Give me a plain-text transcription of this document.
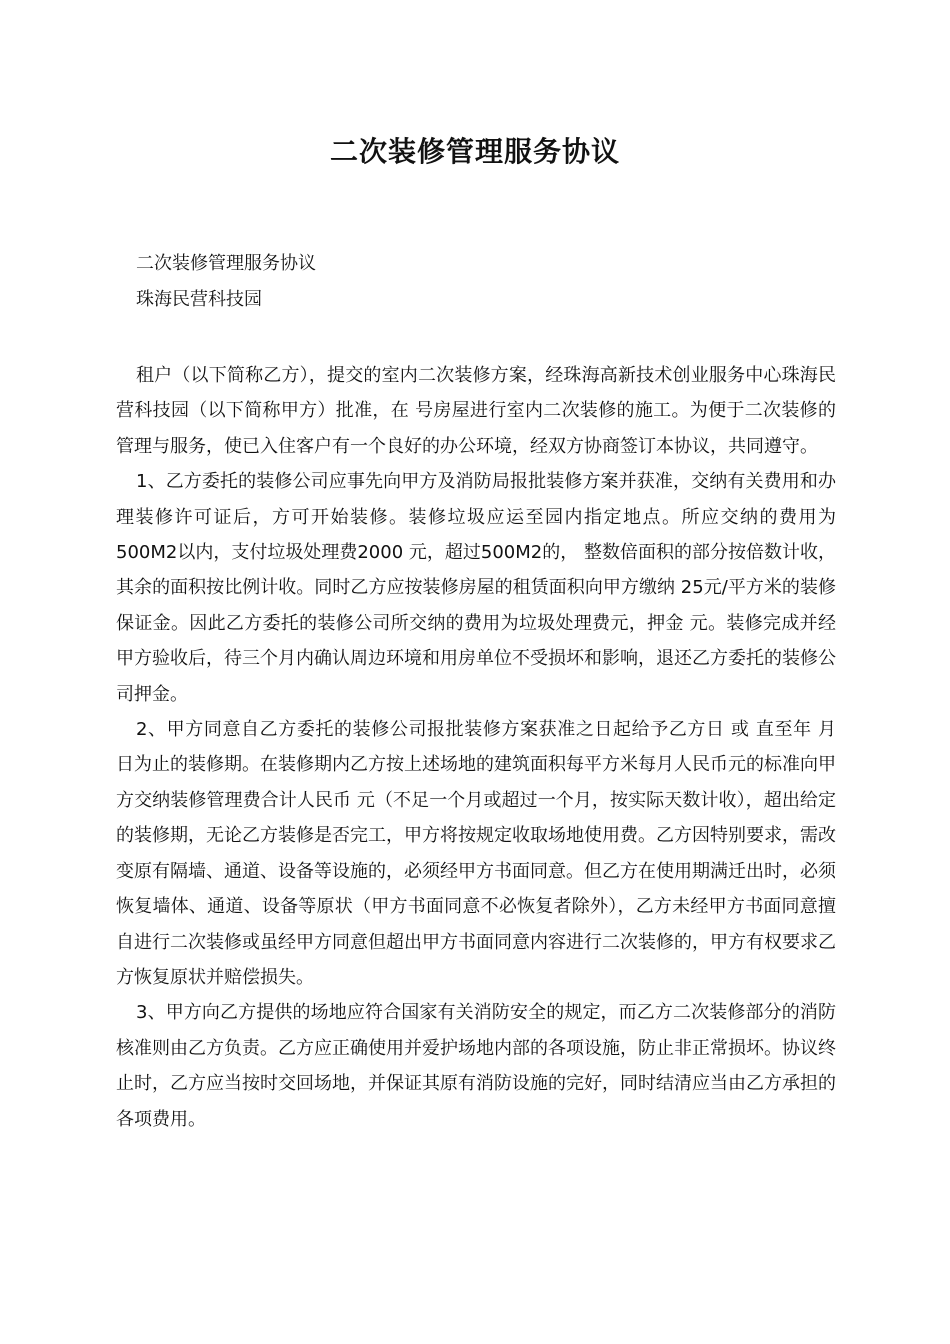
二次装修管理服务协议
二次装修管理服务协议
珠海民营科技园

租户（以下简称乙方），提交的室内二次装修方案，经珠海高新技术创业服务中心珠海民营科技园（以下简称甲方）批准，在 号房屋进行室内二次装修的施工。为便于二次装修的管理与服务，使已入住客户有一个良好的办公环境，经双方协商签订本协议，共同遵守。

1、乙方委托的装修公司应事先向甲方及消防局报批装修方案并获准，交纳有关费用和办理装修许可证后，方可开始装修。装修垃圾应运至园内指定地点。所应交纳的费用为500M2以内，支付垃圾处理费2000 元，超过500M2的， 整数倍面积的部分按倍数计收，其余的面积按比例计收。同时乙方应按装修房屋的租赁面积向甲方缴纳 25元/平方米的装修保证金。因此乙方委托的装修公司所交纳的费用为垃圾处理费元，押金 元。装修完成并经甲方验收后，待三个月内确认周边环境和用房单位不受损坏和影响，退还乙方委托的装修公司押金。

2、甲方同意自乙方委托的装修公司报批装修方案获准之日起给予乙方日 或 直至年 月 日为止的装修期。在装修期内乙方按上述场地的建筑面积每平方米每月人民币元的标准向甲方交纳装修管理费合计人民币 元（不足一个月或超过一个月，按实际天数计收），超出给定的装修期，无论乙方装修是否完工，甲方将按规定收取场地使用费。乙方因特别要求，需改变原有隔墙、通道、设备等设施的，必须经甲方书面同意。但乙方在使用期满迁出时，必须恢复墙体、通道、设备等原状（甲方书面同意不必恢复者除外），乙方未经甲方书面同意擅自进行二次装修或虽经甲方同意但超出甲方书面同意内容进行二次装修的，甲方有权要求乙方恢复原状并赔偿损失。

3、甲方向乙方提供的场地应符合国家有关消防安全的规定，而乙方二次装修部分的消防核准则由乙方负责。乙方应正确使用并爱护场地内部的各项设施，防止非正常损坏。协议终止时，乙方应当按时交回场地，并保证其原有消防设施的完好，同时结清应当由乙方承担的各项费用。
